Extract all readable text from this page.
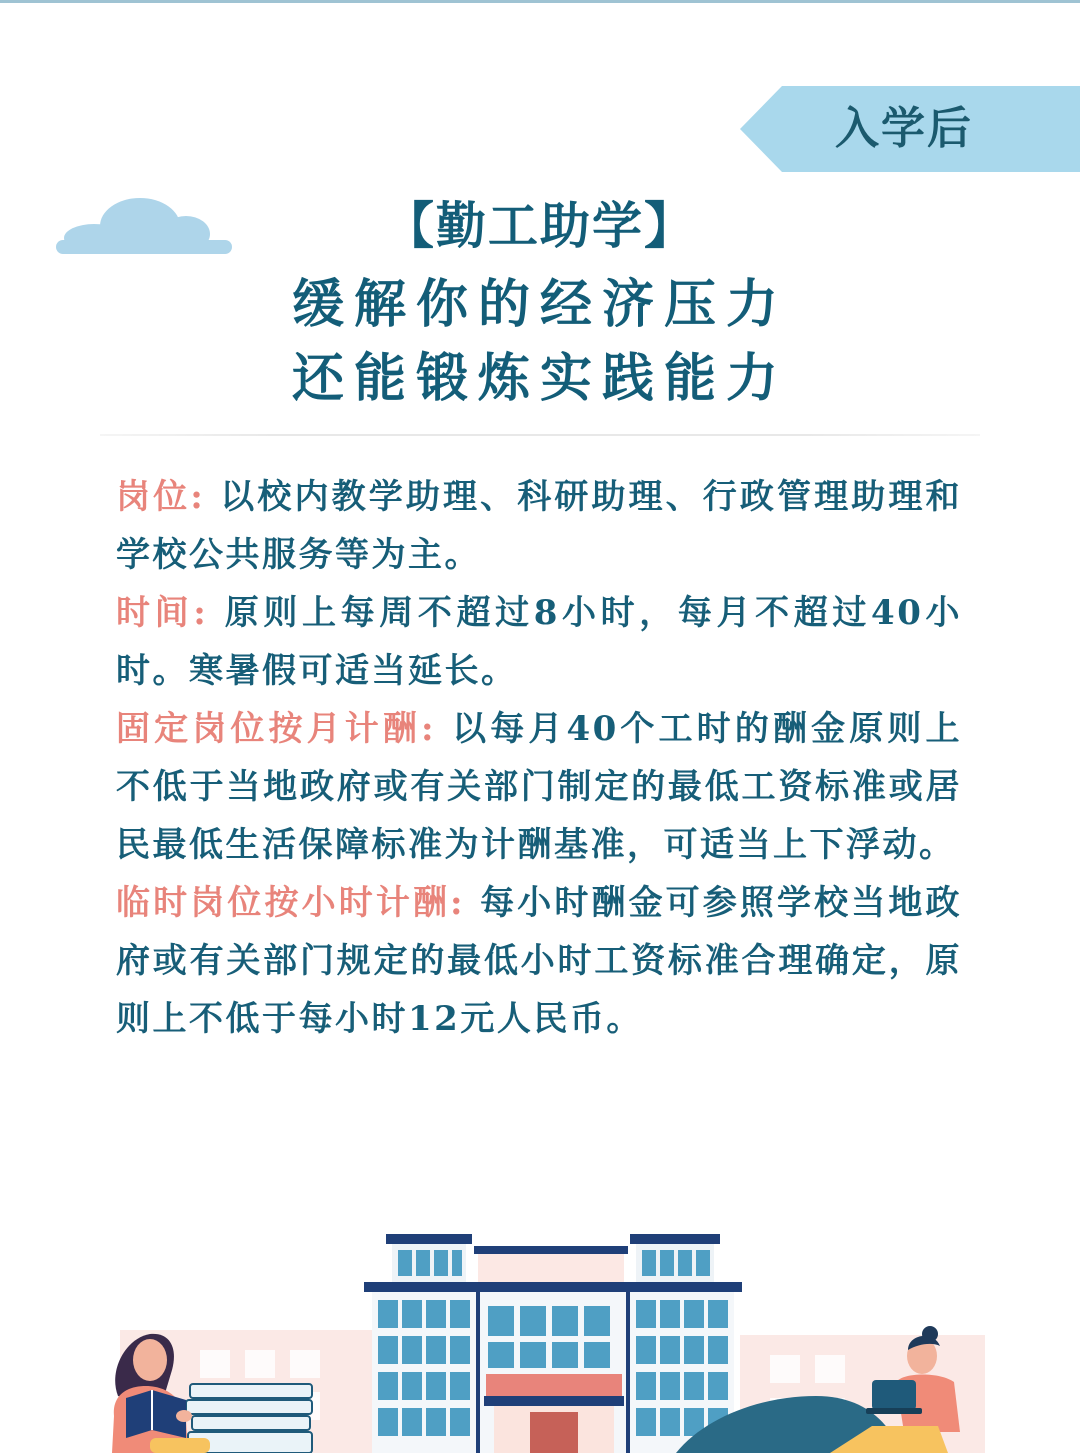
入学后
【勤工助学】
缓解你的经济压力
还能锻炼实践能力

岗位: 以校内教学助理、科研助理、行政管理助理和学校公共服务等为主。

时间: 原则上每周不超过8小时，每月不超过40小时。寒暑假可适当延长。

固定岗位按月计酬: 以每月40个工时的酬金原则上不低于当地政府或有关部门制定的最低工资标准或居民最低生活保障标准为计酬基准，可适当上下浮动。

临时岗位按小时计酬: 每小时酬金可参照学校当地政府或有关部门规定的最低小时工资标准合理确定，原则上不低于每小时12元人民币。
